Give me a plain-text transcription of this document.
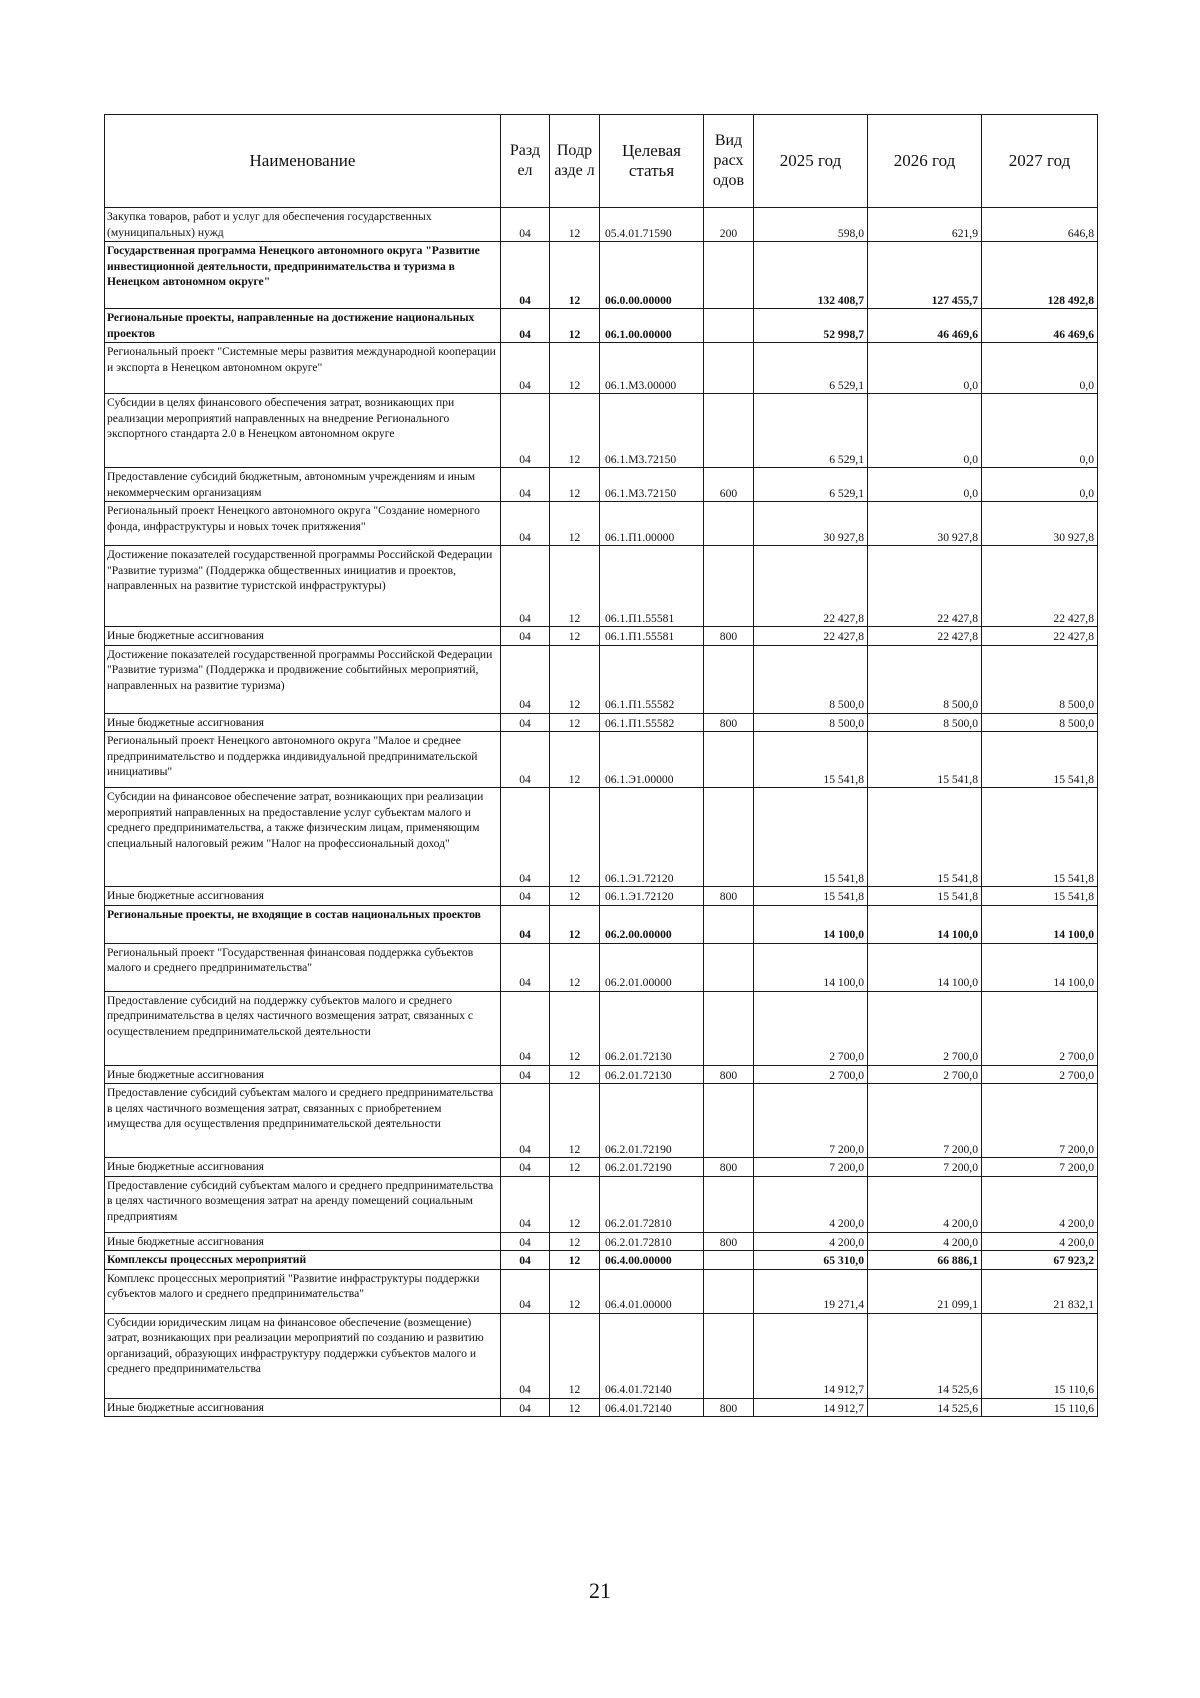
Наименование	Разд ел	Подр азде л	Целевая статья	Вид расх одов	2025 год	2026 год	2027 год
Закупка товаров, работ и услуг для обеспечения государственных (муниципальных) нужд	04	12	05.4.01.71590	200	598,0	621,9	646,8
Государственная программа Ненецкого автономного округа "Развитие инвестиционной деятельности, предпринимательства и туризма в Ненецком автономном округе"	04	12	06.0.00.00000		132 408,7	127 455,7	128 492,8
Региональные проекты, направленные на достижение национальных проектов	04	12	06.1.00.00000		52 998,7	46 469,6	46 469,6
Региональный проект "Системные меры развития международной кооперации и экспорта в Ненецком автономном округе"	04	12	06.1.М3.00000		6 529,1	0,0	0,0
Субсидии в целях финансового обеспечения затрат, возникающих при реализации мероприятий направленных на внедрение Регионального экспортного стандарта 2.0 в Ненецком автономном округе	04	12	06.1.М3.72150		6 529,1	0,0	0,0
Предоставление субсидий бюджетным, автономным учреждениям и иным некоммерческим организациям	04	12	06.1.М3.72150	600	6 529,1	0,0	0,0
Региональный проект Ненецкого автономного округа "Создание номерного фонда, инфраструктуры и новых точек притяжения"	04	12	06.1.П1.00000		30 927,8	30 927,8	30 927,8
Достижение показателей государственной программы Российской Федерации "Развитие туризма" (Поддержка общественных инициатив и проектов, направленных на развитие туристской инфраструктуры)	04	12	06.1.П1.55581		22 427,8	22 427,8	22 427,8
Иные бюджетные ассигнования	04	12	06.1.П1.55581	800	22 427,8	22 427,8	22 427,8
Достижение показателей государственной программы Российской Федерации "Развитие туризма" (Поддержка и продвижение событийных мероприятий, направленных на развитие туризма)	04	12	06.1.П1.55582		8 500,0	8 500,0	8 500,0
Иные бюджетные ассигнования	04	12	06.1.П1.55582	800	8 500,0	8 500,0	8 500,0
Региональный проект Ненецкого автономного округа "Малое и среднее предпринимательство и поддержка индивидуальной предпринимательской инициативы"	04	12	06.1.Э1.00000		15 541,8	15 541,8	15 541,8
Субсидии на финансовое обеспечение затрат, возникающих при реализации мероприятий направленных на предоставление услуг субъектам малого и среднего предпринимательства, а также физическим лицам, применяющим специальный налоговый режим "Налог на профессиональный доход"	04	12	06.1.Э1.72120		15 541,8	15 541,8	15 541,8
Иные бюджетные ассигнования	04	12	06.1.Э1.72120	800	15 541,8	15 541,8	15 541,8
Региональные проекты, не входящие в состав национальных проектов	04	12	06.2.00.00000		14 100,0	14 100,0	14 100,0
Региональный проект "Государственная финансовая поддержка субъектов малого и среднего предпринимательства"	04	12	06.2.01.00000		14 100,0	14 100,0	14 100,0
Предоставление субсидий на поддержку субъектов малого и среднего предпринимательства в целях частичного возмещения затрат, связанных с осуществлением предпринимательской деятельности	04	12	06.2.01.72130		2 700,0	2 700,0	2 700,0
Иные бюджетные ассигнования	04	12	06.2.01.72130	800	2 700,0	2 700,0	2 700,0
Предоставление субсидий субъектам малого и среднего предпринимательства в целях частичного возмещения затрат, связанных с приобретением имущества для осуществления предпринимательской деятельности	04	12	06.2.01.72190		7 200,0	7 200,0	7 200,0
Иные бюджетные ассигнования	04	12	06.2.01.72190	800	7 200,0	7 200,0	7 200,0
Предоставление субсидий субъектам малого и среднего предпринимательства в целях частичного возмещения затрат на аренду помещений социальным предприятиям	04	12	06.2.01.72810		4 200,0	4 200,0	4 200,0
Иные бюджетные ассигнования	04	12	06.2.01.72810	800	4 200,0	4 200,0	4 200,0
Комплексы процессных мероприятий	04	12	06.4.00.00000		65 310,0	66 886,1	67 923,2
Комплекс процессных мероприятий "Развитие инфраструктуры поддержки субъектов малого и среднего предпринимательства"	04	12	06.4.01.00000		19 271,4	21 099,1	21 832,1
Субсидии юридическим лицам на финансовое обеспечение (возмещение) затрат, возникающих при реализации мероприятий по созданию и развитию организаций, образующих инфраструктуру поддержки субъектов малого и среднего предпринимательства	04	12	06.4.01.72140		14 912,7	14 525,6	15 110,6
Иные бюджетные ассигнования	04	12	06.4.01.72140	800	14 912,7	14 525,6	15 110,6
21
